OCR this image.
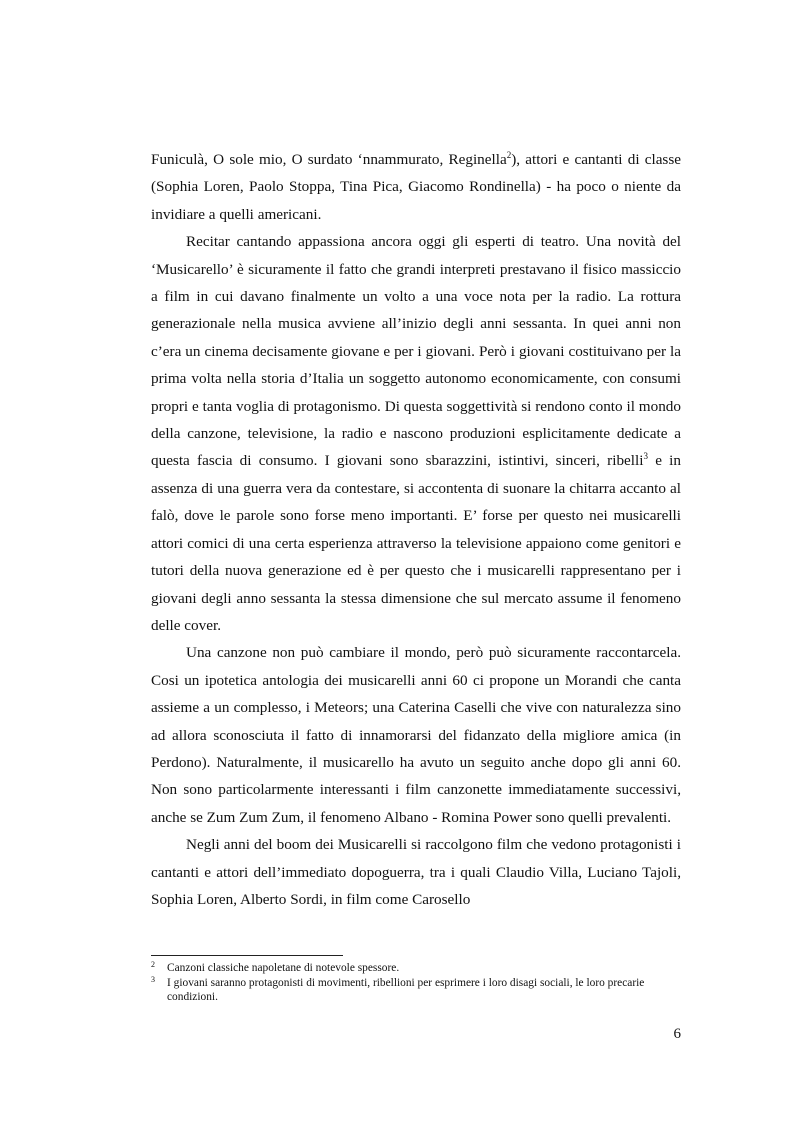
Funiculà, O sole mio, O surdato ‘nnammurato, Reginella$^2$), attori e cantanti di classe (Sophia Loren, Paolo Stoppa, Tina Pica, Giacomo Rondinella) - ha poco o niente da invidiare a quelli americani.

Recitar cantando appassiona ancora oggi gli esperti di teatro. Una novità del ‘Musicarello’ è sicuramente il fatto che grandi interpreti prestavano il fisico massiccio a film in cui davano finalmente un volto a una voce nota per la radio. La rottura generazionale nella musica avviene all’inizio degli anni sessanta. In quei anni non c’era un cinema decisamente giovane e per i giovani. Però i giovani costituivano per la prima volta nella storia d’Italia un soggetto autonomo economicamente, con consumi propri e tanta voglia di protagonismo. Di questa soggettività si rendono conto il mondo della canzone, televisione, la radio e nascono produzioni esplicitamente dedicate a questa fascia di consumo. I giovani sono sbarazzini, istintivi, sinceri, ribelli$^3$ e in assenza di una guerra vera da contestare, si accontenta di suonare la chitarra accanto al falò, dove le parole sono forse meno importanti. E’ forse per questo nei musicarelli attori comici di una certa esperienza attraverso la televisione appaiono come genitori e tutori della nuova generazione ed è per questo che i musicarelli rappresentano per i giovani degli anno sessanta la stessa dimensione che sul mercato assume il fenomeno delle cover.

Una canzone non può cambiare il mondo, però può sicuramente raccontarcela. Cosi un ipotetica antologia dei musicarelli anni 60 ci propone un Morandi che canta assieme a un complesso, i Meteors; una Caterina Caselli che vive con naturalezza sino ad allora sconosciuta il fatto di innamorarsi del fidanzato della migliore amica (in Perdono). Naturalmente, il musicarello ha avuto un seguito anche dopo gli anni 60. Non sono particolarmente interessanti i film canzonette immediatamente successivi, anche se Zum Zum Zum, il fenomeno Albano - Romina Power sono quelli prevalenti.

Negli anni del boom dei Musicarelli si raccolgono film che vedono protagonisti i cantanti e attori dell’immediato dopoguerra, tra i quali Claudio Villa, Luciano Tajoli, Sophia Loren, Alberto Sordi, in film come Carosello

2 Canzoni classiche napoletane di notevole spessore.
3 I giovani saranno protagonisti di movimenti, ribellioni per esprimere i loro disagi sociali, le loro precarie condizioni.
6
